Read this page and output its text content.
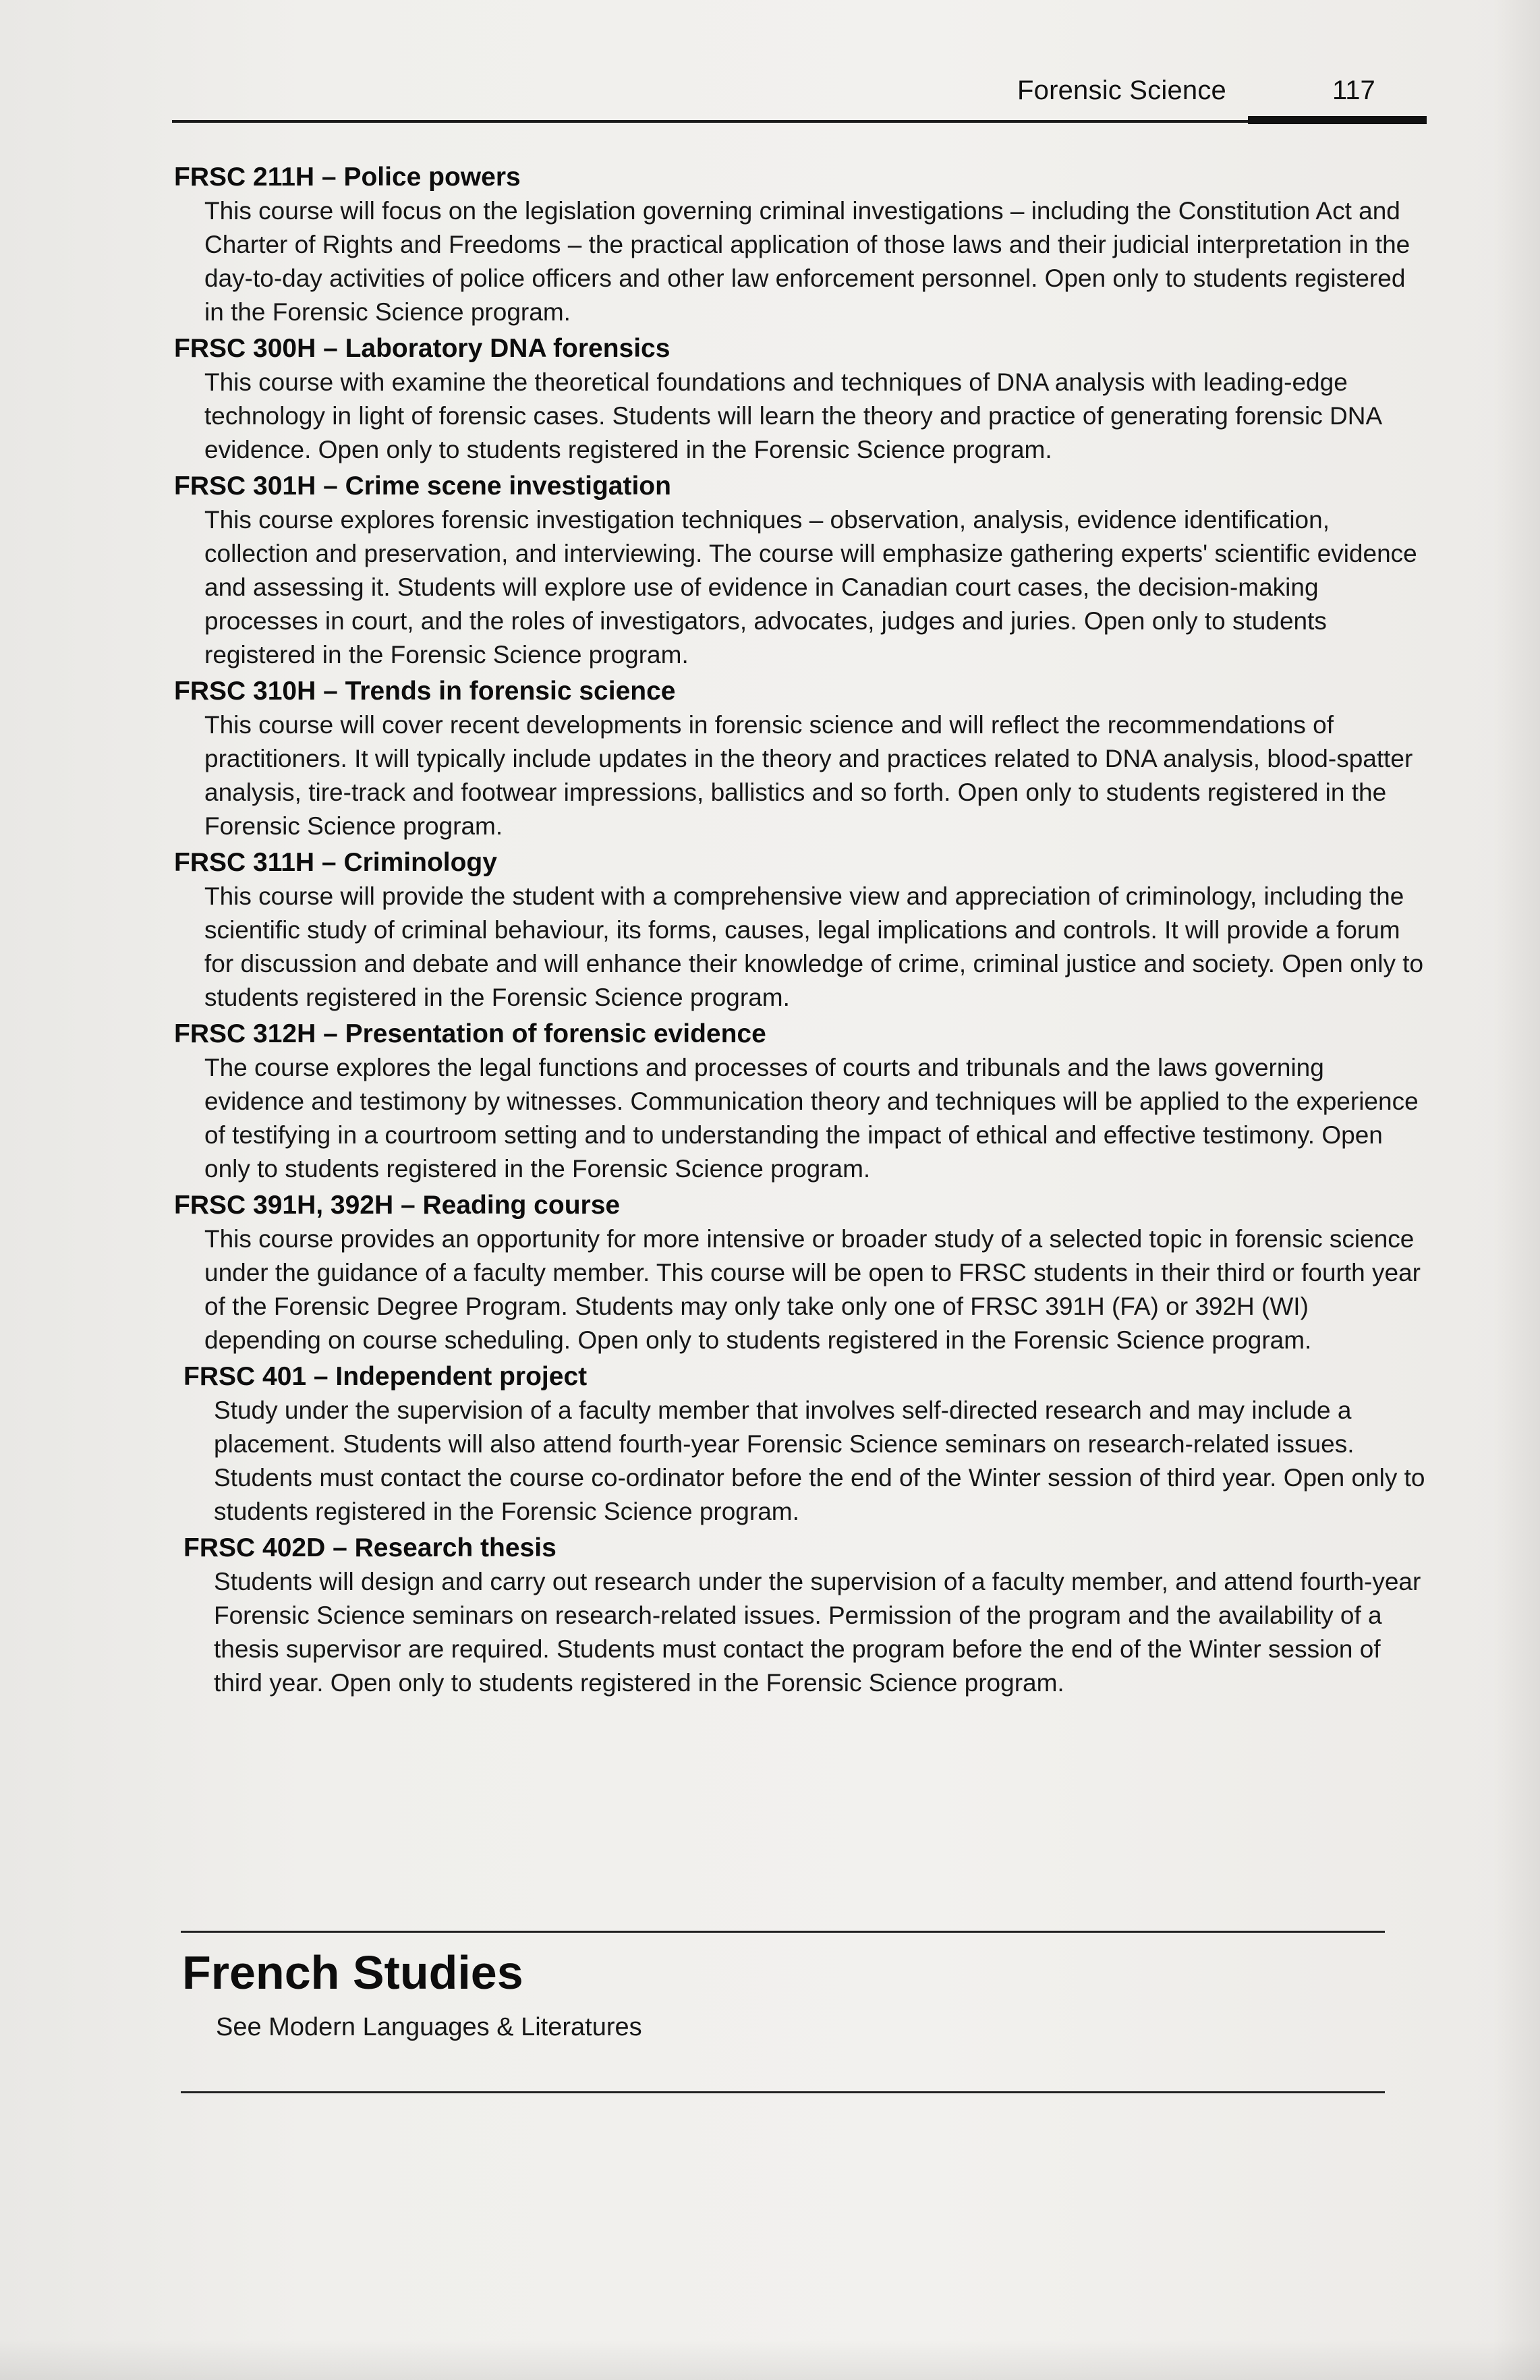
Forensic Science	117
FRSC 211H – Police powers

This course will focus on the legislation governing criminal investigations – including the Constitution Act and Charter of Rights and Freedoms – the practical application of those laws and their judicial interpretation in the day-to-day activities of police officers and other law enforcement personnel. Open only to students registered in the Forensic Science program.

FRSC 300H – Laboratory DNA forensics

This course with examine the theoretical foundations and techniques of DNA analysis with leading-edge technology in light of forensic cases. Students will learn the theory and practice of generating forensic DNA evidence. Open only to students registered in the Forensic Science program.

FRSC 301H – Crime scene investigation

This course explores forensic investigation techniques – observation, analysis, evidence identification, collection and preservation, and interviewing. The course will emphasize gathering experts' scientific evidence and assessing it. Students will explore use of evidence in Canadian court cases, the decision-making processes in court, and the roles of investigators, advocates, judges and juries. Open only to students registered in the Forensic Science program.

FRSC 310H – Trends in forensic science

This course will cover recent developments in forensic science and will reflect the recommendations of practitioners. It will typically include updates in the theory and practices related to DNA analysis, blood-spatter analysis, tire-track and footwear impressions, ballistics and so forth. Open only to students registered in the Forensic Science program.

FRSC 311H – Criminology

This course will provide the student with a comprehensive view and appreciation of criminology, including the scientific study of criminal behaviour, its forms, causes, legal implications and controls. It will provide a forum for discussion and debate and will enhance their knowledge of crime, criminal justice and society. Open only to students registered in the Forensic Science program.

FRSC 312H – Presentation of forensic evidence

The course explores the legal functions and processes of courts and tribunals and the laws governing evidence and testimony by witnesses. Communication theory and techniques will be applied to the experience of testifying in a courtroom setting and to understanding the impact of ethical and effective testimony. Open only to students registered in the Forensic Science program.

FRSC 391H, 392H – Reading course

This course provides an opportunity for more intensive or broader study of a selected topic in forensic science under the guidance of a faculty member. This course will be open to FRSC students in their third or fourth year of the Forensic Degree Program. Students may only take only one of FRSC 391H (FA) or 392H (WI) depending on course scheduling. Open only to students registered in the Forensic Science program.

FRSC 401 – Independent project

Study under the supervision of a faculty member that involves self-directed research and may include a placement. Students will also attend fourth-year Forensic Science seminars on research-related issues. Students must contact the course co-ordinator before the end of the Winter session of third year. Open only to students registered in the Forensic Science program.

FRSC 402D – Research thesis

Students will design and carry out research under the supervision of a faculty member, and attend fourth-year Forensic Science seminars on research-related issues. Permission of the program and the availability of a thesis supervisor are required. Students must contact the program before the end of the Winter session of third year. Open only to students registered in the Forensic Science program.

French Studies
See Modern Languages & Literatures
